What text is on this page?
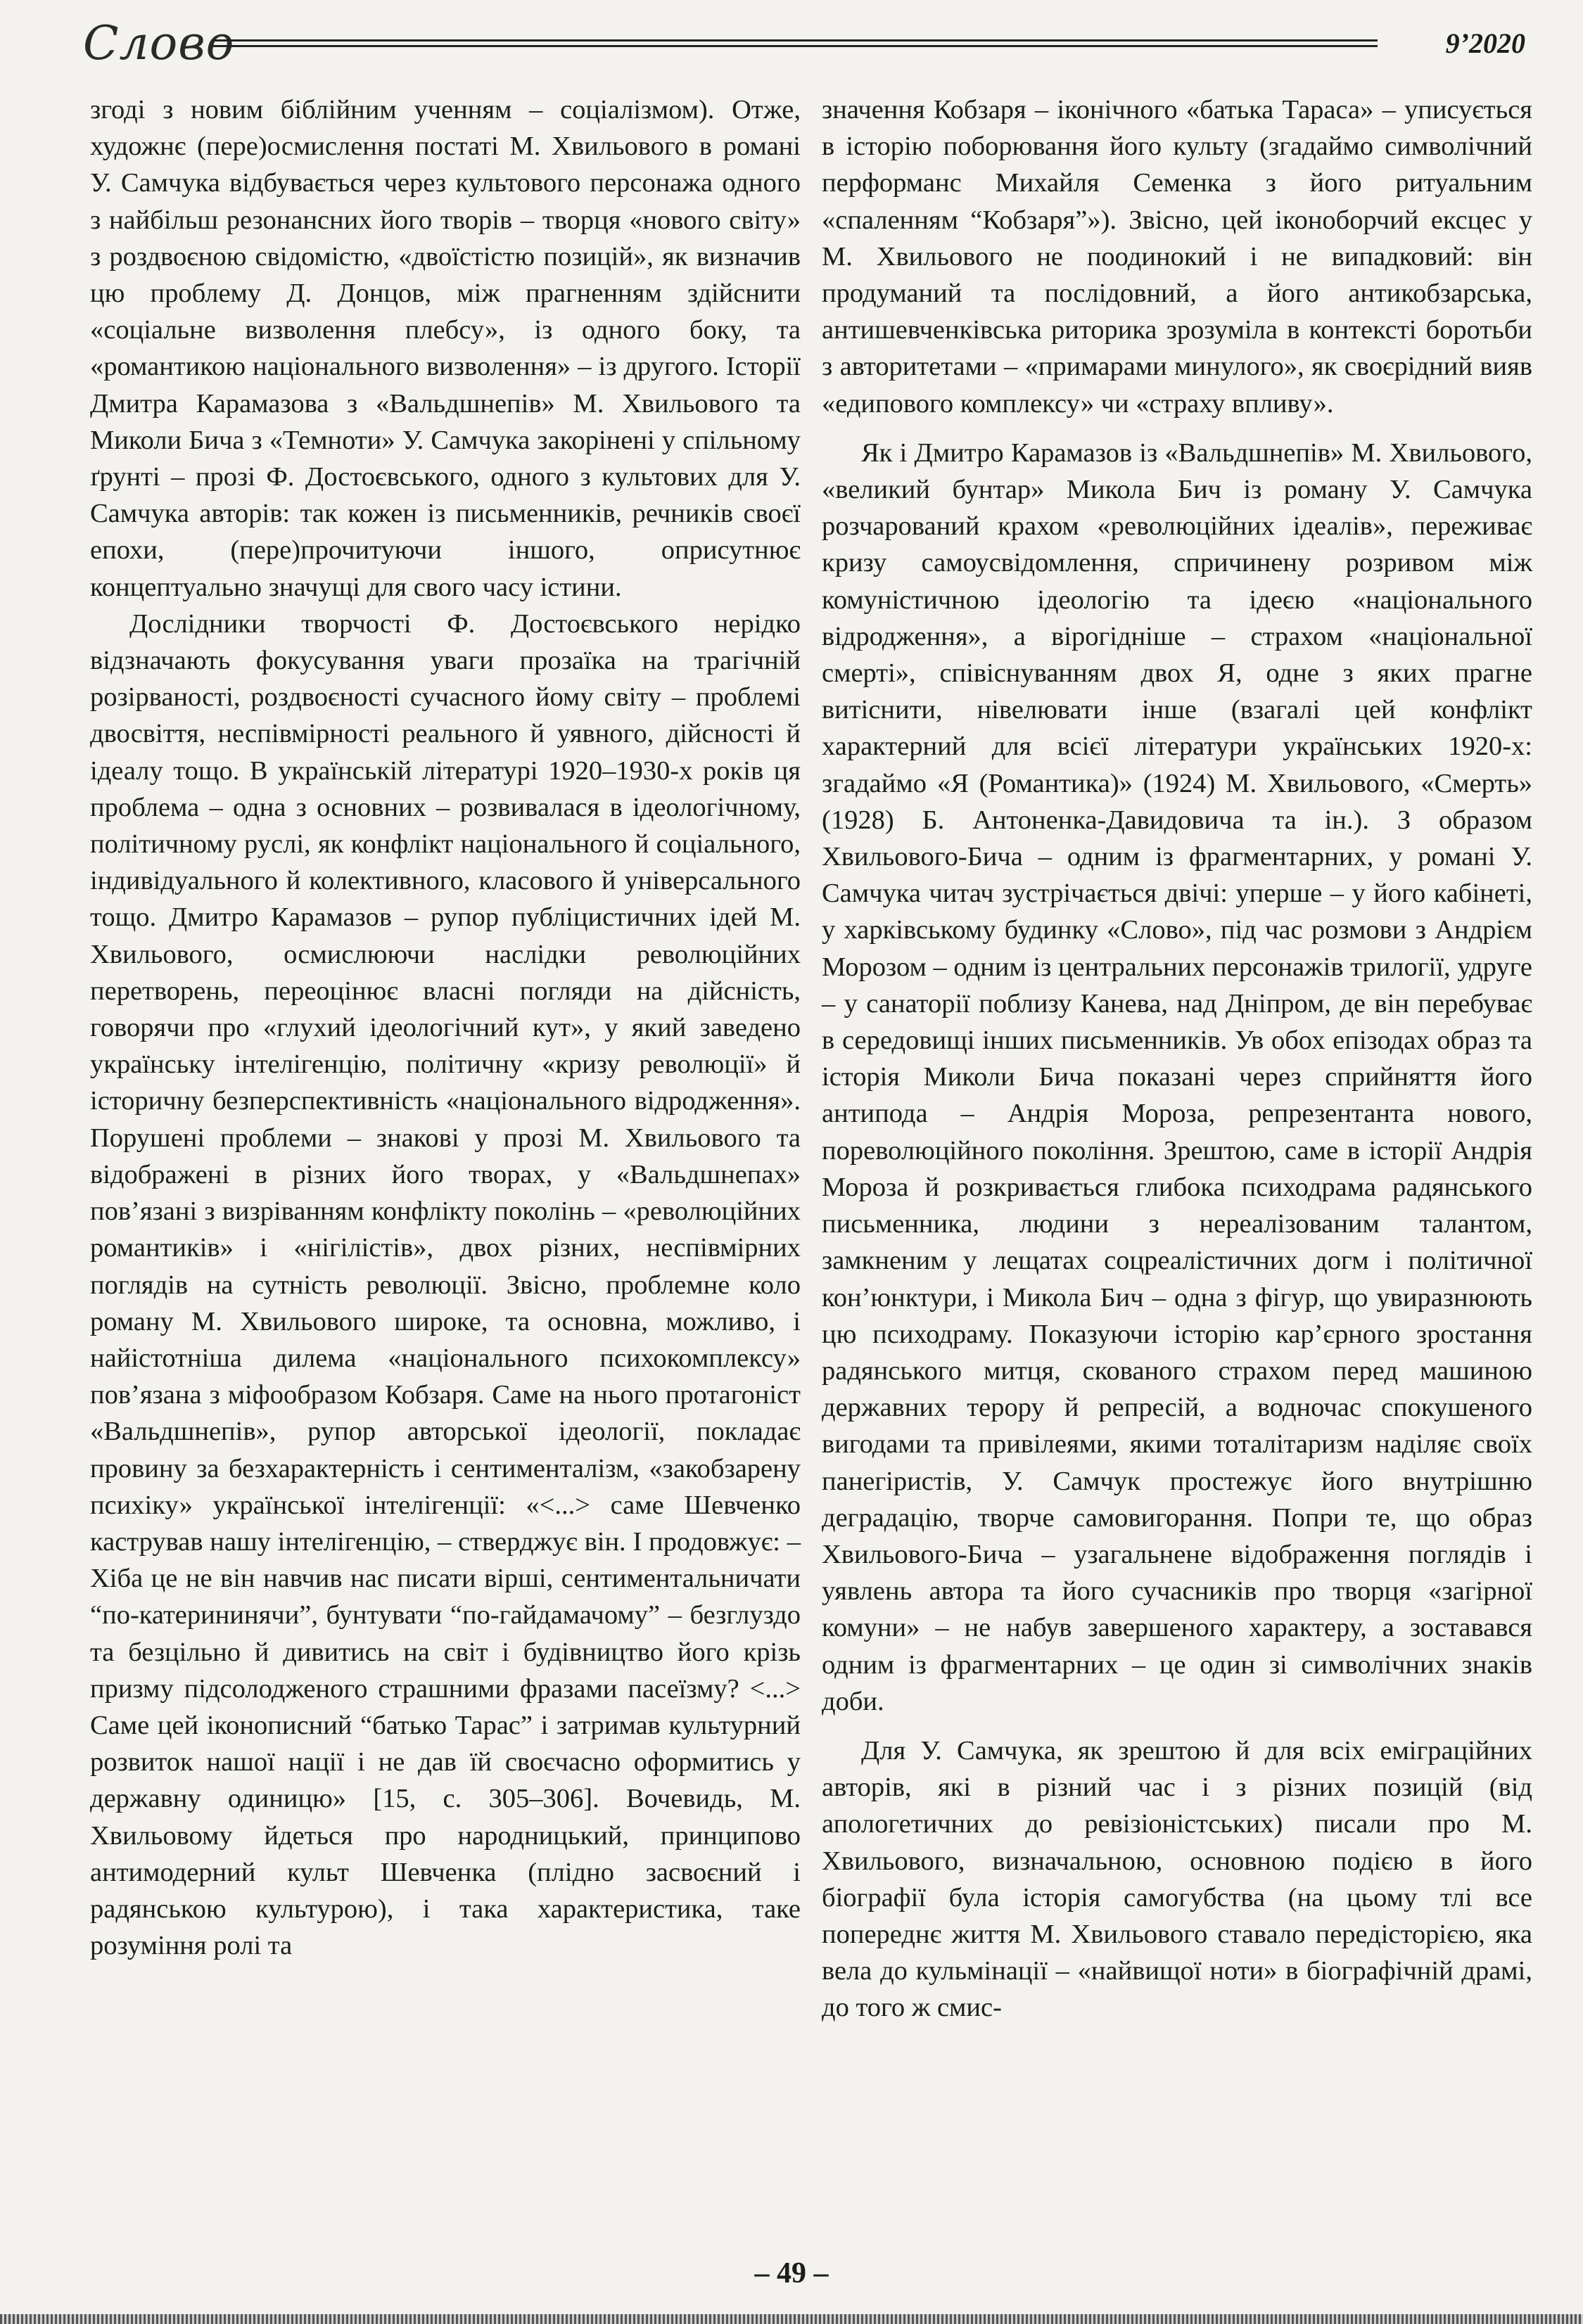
Слово	9’2020

згоді з новим біблійним ученням – соціалізмом). Отже, художнє (пере)осмислення постаті М. Хвильового в романі У. Самчука відбувається через культового персонажа одного з найбільш резонансних його творів – творця «нового світу» з роздвоєною свідомістю, «двоїстістю позицій», як визначив цю проблему Д. Донцов, між прагненням здійснити «соціальне визволення плебсу», із одного боку, та «романтикою національного визволення» – із другого. Історії Дмитра Карамазова з «Вальдшнепів» М. Хвильового та Миколи Бича з «Темноти» У. Самчука закорінені у спільному ґрунті – прозі Ф. Достоєвського, одного з культових для У. Самчука авторів: так кожен із письменників, речників своєї епохи, (пере)прочитуючи іншого, оприсутнює концептуально значущі для свого часу істини.

Дослідники творчості Ф. Достоєвського нерідко відзначають фокусування уваги прозаїка на трагічній розірваності, роздвоєності сучасного йому світу – проблемі двосвіття, неспівмірності реального й уявного, дійсності й ідеалу тощо. В українській літературі 1920–1930-х років ця проблема – одна з основних – розвивалася в ідеологічному, політичному руслі, як конфлікт національного й соціального, індивідуального й колективного, класового й універсального тощо. Дмитро Карамазов – рупор публіцистичних ідей М. Хвильового, осмислюючи наслідки революційних перетворень, переоцінює власні погляди на дійсність, говорячи про «глухий ідеологічний кут», у який заведено українську інтелігенцію, політичну «кризу революції» й історичну безперспективність «національного відродження». Порушені проблеми – знакові у прозі М. Хвильового та відображені в різних його творах, у «Вальдшнепах» пов’язані з визріванням конфлікту поколінь – «революційних романтиків» і «нігілістів», двох різних, неспівмірних поглядів на сутність революції. Звісно, проблемне коло роману М. Хвильового широке, та основна, можливо, і найістотніша дилема «національного психокомплексу» пов’язана з міфообразом Кобзаря. Саме на нього протагоніст «Вальдшнепів», рупор авторської ідеології, покладає провину за безхарактерність і сентименталізм, «закобзарену психіку» української інтелігенції: «<...> саме Шевченко кастрував нашу інтелігенцію, – стверджує він. І продовжує: – Хіба це не він навчив нас писати вірші, сентиментальничати “по-катерининячи”, бунтувати “по-гайдамачому” – безглуздо та безцільно й дивитись на світ і будівництво його крізь призму підсолодженого страшними фразами пасеїзму? <...> Саме цей іконописний “батько Тарас” і затримав культурний розвиток нашої нації і не дав їй своєчасно оформитись у державну одиницю» [15, с. 305–306]. Вочевидь, М. Хвильовому йдеться про народницький, принципово антимодерний культ Шевченка (плідно засвоєний і радянською культурою), і така характеристика, таке розуміння ролі та

значення Кобзаря – іконічного «батька Тараса» – уписується в історію поборювання його культу (згадаймо символічний перформанс Михайля Семенка з його ритуальним «спаленням “Кобзаря”»). Звісно, цей іконоборчий ексцес у М. Хвильового не поодинокий і не випадковий: він продуманий та послідовний, а його антикобзарська, антишевченківська риторика зрозуміла в контексті боротьби з авторитетами – «примарами минулого», як своєрідний вияв «едипового комплексу» чи «страху впливу».

Як і Дмитро Карамазов із «Вальдшнепів» М. Хвильового, «великий бунтар» Микола Бич із роману У. Самчука розчарований крахом «революційних ідеалів», переживає кризу самоусвідомлення, спричинену розривом між комуністичною ідеологію та ідеєю «національного відродження», а вірогідніше – страхом «національної смерті», співіснуванням двох Я, одне з яких прагне витіснити, нівелювати інше (взагалі цей конфлікт характерний для всієї літератури українських 1920-х: згадаймо «Я (Романтика)» (1924) М. Хвильового, «Смерть» (1928) Б. Антоненка-Давидовича та ін.). З образом Хвильового-Бича – одним із фрагментарних, у романі У. Самчука читач зустрічається двічі: уперше – у його кабінеті, у харківському будинку «Слово», під час розмови з Андрієм Морозом – одним із центральних персонажів трилогії, удруге – у санаторії поблизу Канева, над Дніпром, де він перебуває в середовищі інших письменників. Ув обох епізодах образ та історія Миколи Бича показані через сприйняття його антипода – Андрія Мороза, репрезентанта нового, пореволюційного покоління. Зрештою, саме в історії Андрія Мороза й розкривається глибока психодрама радянського письменника, людини з нереалізованим талантом, замкненим у лещатах соцреалістичних догм і політичної кон’юнктури, і Микола Бич – одна з фігур, що увиразнюють цю психодраму. Показуючи історію кар’єрного зростання радянського митця, скованого страхом перед машиною державних терору й репресій, а водночас спокушеного вигодами та привілеями, якими тоталітаризм наділяє своїх панегіристів, У. Самчук простежує його внутрішню деградацію, творче самовигорання. Попри те, що образ Хвильового-Бича – узагальнене відображення поглядів і уявлень автора та його сучасників про творця «загірної комуни» – не набув завершеного характеру, а зоставався одним із фрагментарних – це один зі символічних знаків доби.

Для У. Самчука, як зрештою й для всіх еміграційних авторів, які в різний час і з різних позицій (від апологетичних до ревізіоністських) писали про М. Хвильового, визначальною, основною подією в його біографії була історія самогубства (на цьому тлі все попереднє життя М. Хвильового ставало передісторією, яка вела до кульмінації – «найвищої ноти» в біографічній драмі, до того ж смис-

– 49 –
